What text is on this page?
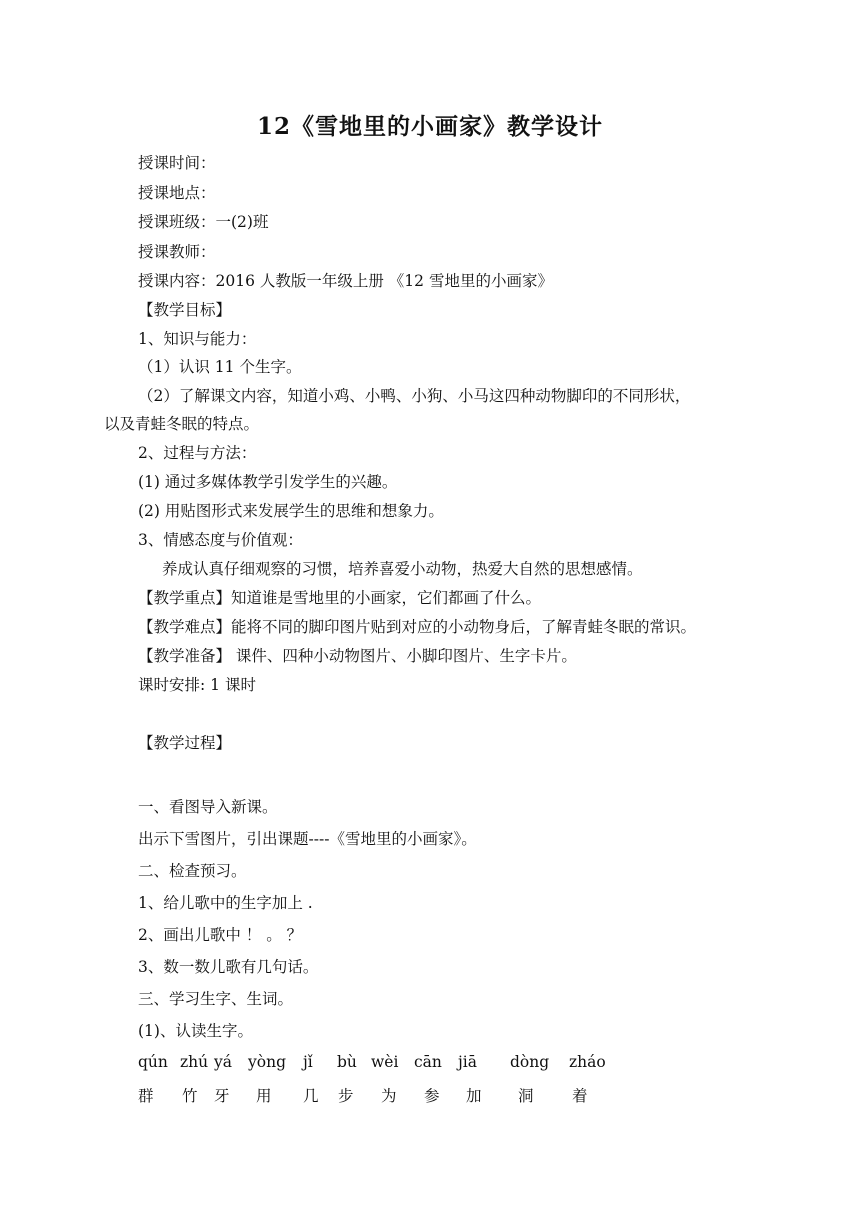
12《雪地里的小画家》教学设计
授课时间：
授课地点：
授课班级：一(2)班
授课教师：
授课内容：2016 人教版一年级上册 《12 雪地里的小画家》
【教学目标】
1、知识与能力：
（1）认识 11 个生字。
（2）了解课文内容，知道小鸡、小鸭、小狗、小马这四种动物脚印的不同形状，
以及青蛙冬眠的特点。
2、过程与方法：
(1) 通过多媒体教学引发学生的兴趣。
(2) 用贴图形式来发展学生的思维和想象力。
3、情感态度与价值观：
养成认真仔细观察的习惯，培养喜爱小动物，热爱大自然的思想感情。
【教学重点】知道谁是雪地里的小画家，它们都画了什么。
【教学难点】能将不同的脚印图片贴到对应的小动物身后，了解青蛙冬眠的常识。
【教学准备】 课件、四种小动物图片、小脚印图片、生字卡片。
课时安排: 1 课时
【教学过程】
一、看图导入新课。
出示下雪图片，引出课题----《雪地里的小画家》。
二、检查预习。
1、给儿歌中的生字加上 .
2、画出儿歌中 ！ 。 ？
3、数一数儿歌有几句话。
三、学习生字、生词。
(1)、认读生字。
qún zhú yá yòng jǐ bù wèi cān jiā dòng zháo
群 竹 牙 用 几 步 为 参 加 洞 着
